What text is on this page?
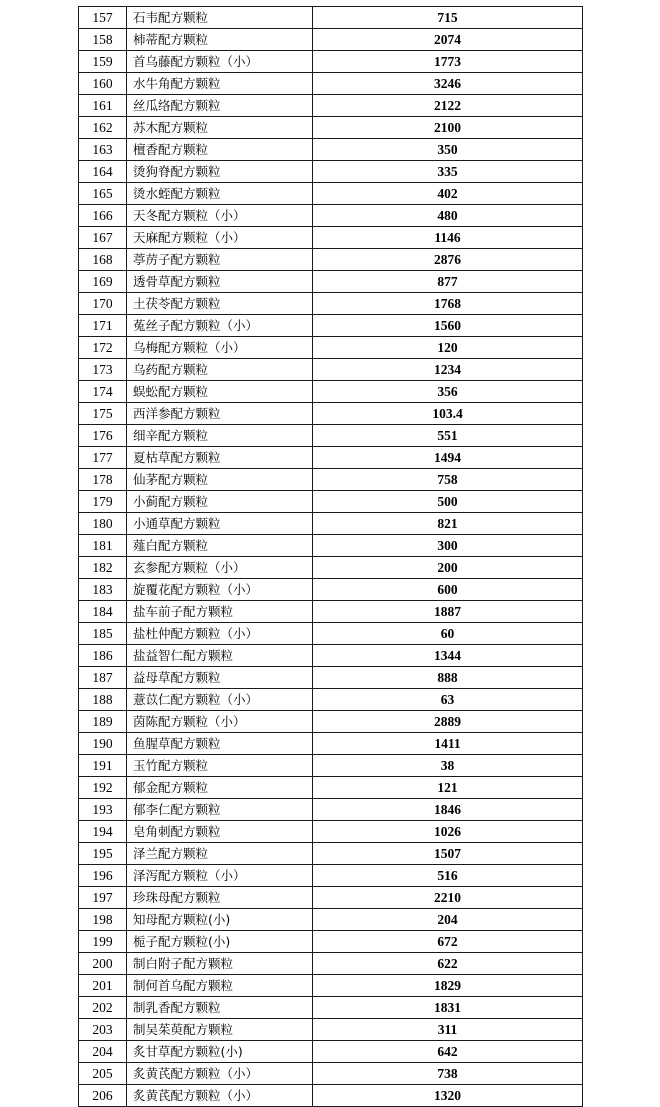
157	石韦配方颗粒	715
158	柿蒂配方颗粒	2074
159	首乌藤配方颗粒（小）	1773
160	水牛角配方颗粒	3246
161	丝瓜络配方颗粒	2122
162	苏木配方颗粒	2100
163	檀香配方颗粒	350
164	烫狗脊配方颗粒	335
165	烫水蛭配方颗粒	402
166	天冬配方颗粒（小）	480
167	天麻配方颗粒（小）	1146
168	葶苈子配方颗粒	2876
169	透骨草配方颗粒	877
170	土茯苓配方颗粒	1768
171	菟丝子配方颗粒（小）	1560
172	乌梅配方颗粒（小）	120
173	乌药配方颗粒	1234
174	蜈蚣配方颗粒	356
175	西洋参配方颗粒	103.4
176	细辛配方颗粒	551
177	夏枯草配方颗粒	1494
178	仙茅配方颗粒	758
179	小蓟配方颗粒	500
180	小通草配方颗粒	821
181	薤白配方颗粒	300
182	玄参配方颗粒（小）	200
183	旋覆花配方颗粒（小）	600
184	盐车前子配方颗粒	1887
185	盐杜仲配方颗粒（小）	60
186	盐益智仁配方颗粒	1344
187	益母草配方颗粒	888
188	薏苡仁配方颗粒（小）	63
189	茵陈配方颗粒（小）	2889
190	鱼腥草配方颗粒	1411
191	玉竹配方颗粒	38
192	郁金配方颗粒	121
193	郁李仁配方颗粒	1846
194	皂角刺配方颗粒	1026
195	泽兰配方颗粒	1507
196	泽泻配方颗粒（小）	516
197	珍珠母配方颗粒	2210
198	知母配方颗粒(小)	204
199	栀子配方颗粒(小)	672
200	制白附子配方颗粒	622
201	制何首乌配方颗粒	1829
202	制乳香配方颗粒	1831
203	制吴茱萸配方颗粒	311
204	炙甘草配方颗粒(小)	642
205	炙黄芪配方颗粒（小）	738
206	炙黄芪配方颗粒（小）	1320
